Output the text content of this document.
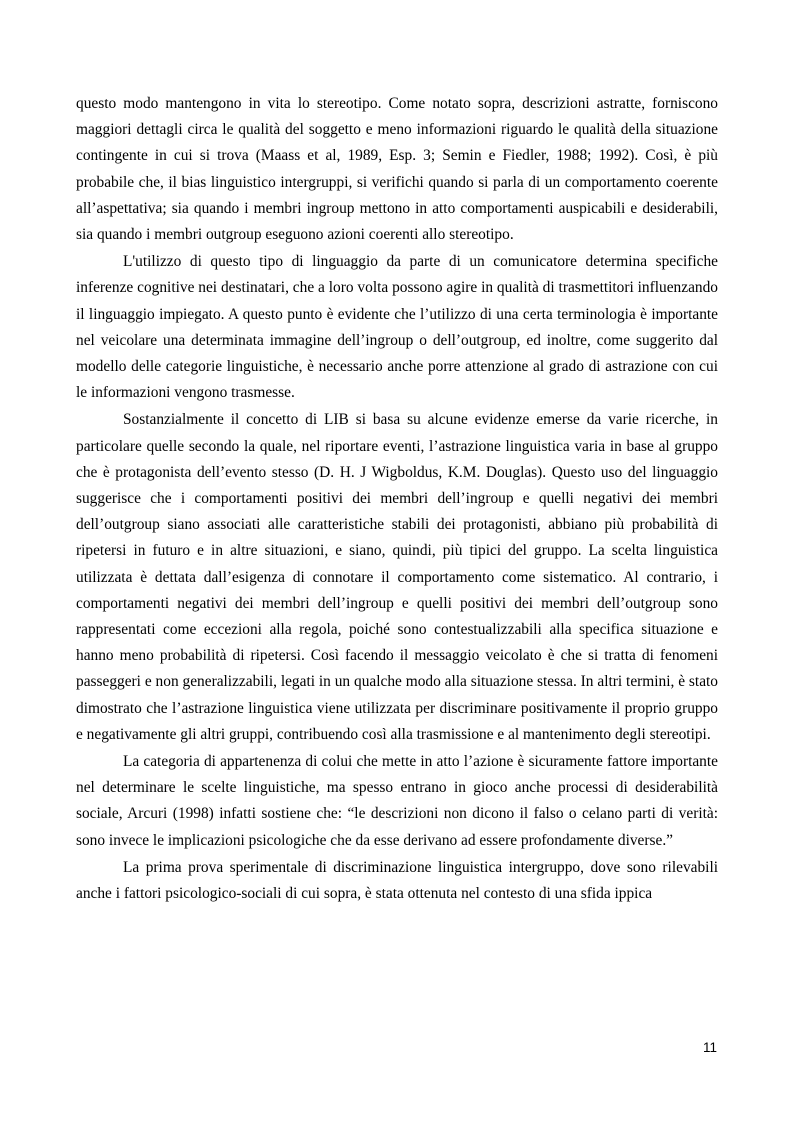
questo modo mantengono in vita lo stereotipo. Come notato sopra, descrizioni astratte, forniscono maggiori dettagli circa le qualità del soggetto e meno informazioni riguardo le qualità della situazione contingente in cui si trova (Maass et al, 1989, Esp. 3; Semin e Fiedler, 1988; 1992). Così, è più probabile che, il bias linguistico intergruppi, si verifichi quando si parla di un comportamento coerente all’aspettativa; sia quando i membri ingroup mettono in atto comportamenti auspicabili e desiderabili, sia quando i membri outgroup eseguono azioni coerenti allo stereotipo.

L'utilizzo di questo tipo di linguaggio da parte di un comunicatore determina specifiche inferenze cognitive nei destinatari, che a loro volta possono agire in qualità di trasmettitori influenzando il linguaggio impiegato. A questo punto è evidente che l’utilizzo di una certa terminologia è importante nel veicolare una determinata immagine dell’ingroup o dell’outgroup, ed inoltre, come suggerito dal modello delle categorie linguistiche, è necessario anche porre attenzione al grado di astrazione con cui le informazioni vengono trasmesse.

Sostanzialmente il concetto di LIB si basa su alcune evidenze emerse da varie ricerche, in particolare quelle secondo la quale, nel riportare eventi, l’astrazione linguistica varia in base al gruppo che è protagonista dell’evento stesso (D. H. J Wigboldus, K.M. Douglas). Questo uso del linguaggio suggerisce che i comportamenti positivi dei membri dell’ingroup e quelli negativi dei membri dell’outgroup siano associati alle caratteristiche stabili dei protagonisti, abbiano più probabilità di ripetersi in futuro e in altre situazioni, e siano, quindi, più tipici del gruppo. La scelta linguistica utilizzata è dettata dall’esigenza di connotare il comportamento come sistematico. Al contrario, i comportamenti negativi dei membri dell’ingroup e quelli positivi dei membri dell’outgroup sono rappresentati come eccezioni alla regola, poiché sono contestualizzabili alla specifica situazione e hanno meno probabilità di ripetersi. Così facendo il messaggio veicolato è che si tratta di fenomeni passeggeri e non generalizzabili, legati in un qualche modo alla situazione stessa. In altri termini, è stato dimostrato che l’astrazione linguistica viene utilizzata per discriminare positivamente il proprio gruppo e negativamente gli altri gruppi, contribuendo così alla trasmissione e al mantenimento degli stereotipi.

La categoria di appartenenza di colui che mette in atto l’azione è sicuramente fattore importante nel determinare le scelte linguistiche, ma spesso entrano in gioco anche processi di desiderabilità sociale, Arcuri (1998) infatti sostiene che: “le descrizioni non dicono il falso o celano parti di verità: sono invece le implicazioni psicologiche che da esse derivano ad essere profondamente diverse.”

La prima prova sperimentale di discriminazione linguistica intergruppo, dove sono rilevabili anche i fattori psicologico-sociali di cui sopra, è stata ottenuta nel contesto di una sfida ippica

11
